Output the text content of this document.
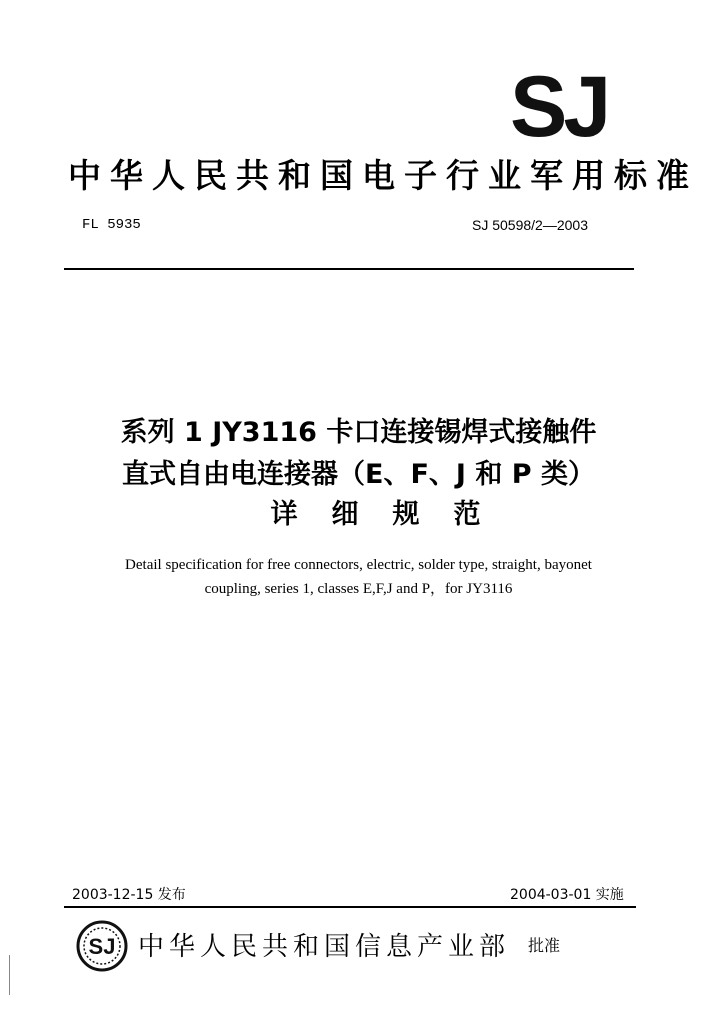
SJ
中华人民共和国电子行业军用标准
FL 5935	SJ 50598/2—2003
系列 1 JY3116 卡口连接锡焊式接触件
直式自由电连接器（E、F、J 和 P 类）
详细规范
Detail specification for free connectors, electric, solder type, straight, bayonet
coupling, series 1, classes E,F,J and P，for JY3116
2003-12-15 发布	2004-03-01 实施
SJ 中华人民共和国信息产业部 批准
